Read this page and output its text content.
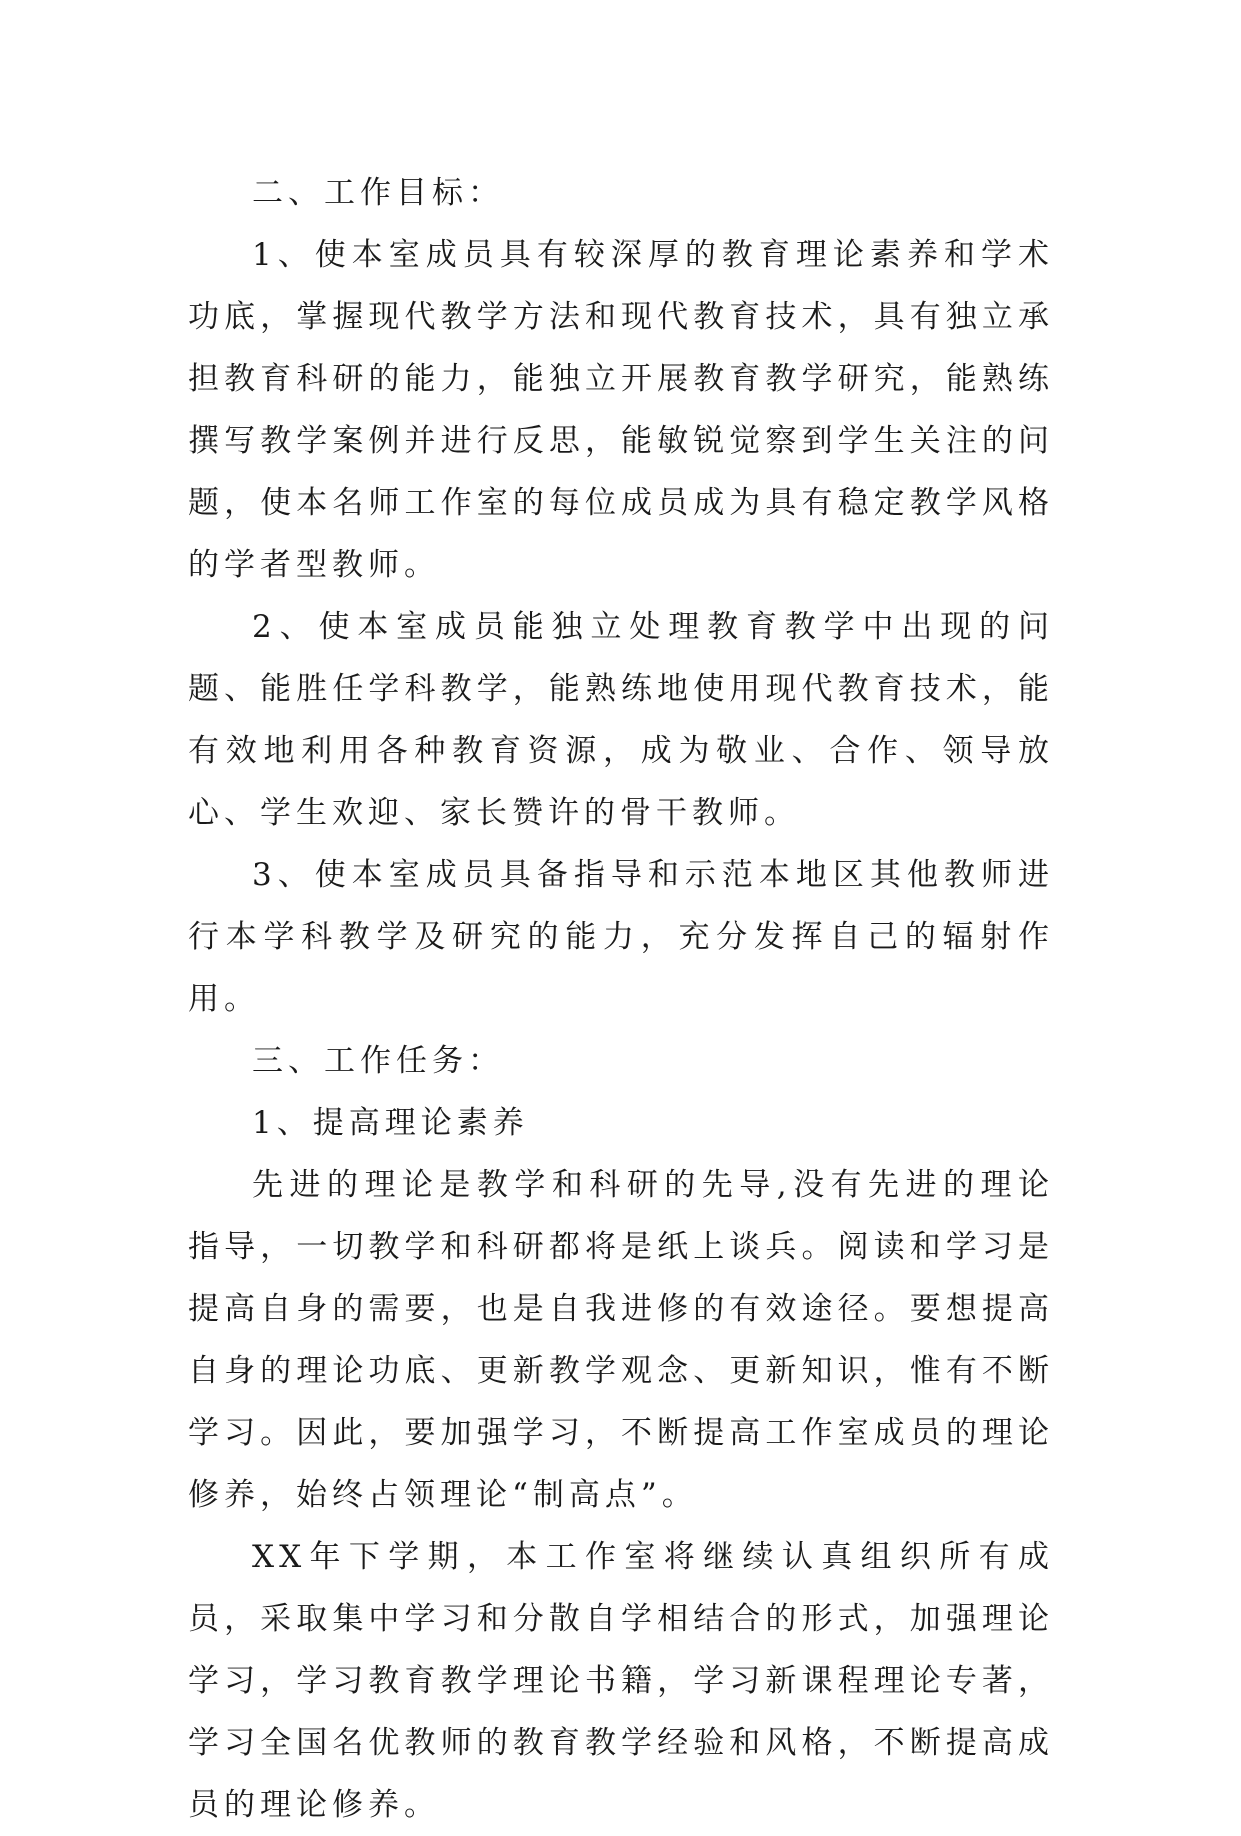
二、工作目标：

1、使本室成员具有较深厚的教育理论素养和学术功底，掌握现代教学方法和现代教育技术，具有独立承担教育科研的能力，能独立开展教育教学研究，能熟练撰写教学案例并进行反思，能敏锐觉察到学生关注的问题，使本名师工作室的每位成员成为具有稳定教学风格的学者型教师。

2、使本室成员能独立处理教育教学中出现的问题、能胜任学科教学，能熟练地使用现代教育技术，能有效地利用各种教育资源，成为敬业、合作、领导放心、学生欢迎、家长赞许的骨干教师。

3、使本室成员具备指导和示范本地区其他教师进行本学科教学及研究的能力，充分发挥自己的辐射作用。

三、工作任务：

1、提高理论素养

先进的理论是教学和科研的先导,没有先进的理论指导，一切教学和科研都将是纸上谈兵。阅读和学习是提高自身的需要，也是自我进修的有效途径。要想提高自身的理论功底、更新教学观念、更新知识，惟有不断学习。因此，要加强学习，不断提高工作室成员的理论修养，始终占领理论“制高点”。

XX年下学期，本工作室将继续认真组织所有成员，采取集中学习和分散自学相结合的形式，加强理论学习，学习教育教学理论书籍，学习新课程理论专著，学习全国名优教师的教育教学经验和风格，不断提高成员的理论修养。
